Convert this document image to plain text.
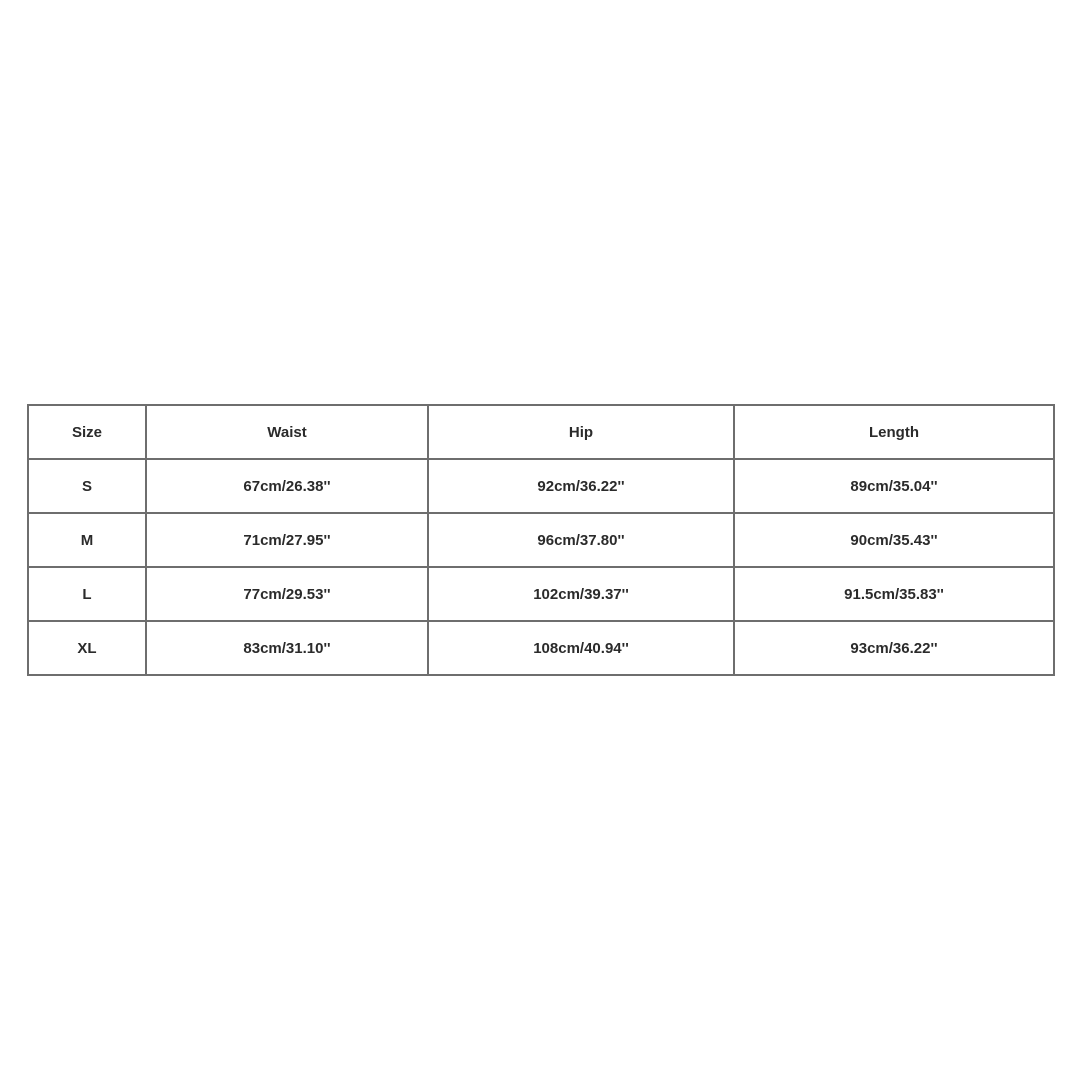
Size	Waist	Hip	Length
S	67cm/26.38''	92cm/36.22''	89cm/35.04''
M	71cm/27.95''	96cm/37.80''	90cm/35.43''
L	77cm/29.53''	102cm/39.37''	91.5cm/35.83''
XL	83cm/31.10''	108cm/40.94''	93cm/36.22''
